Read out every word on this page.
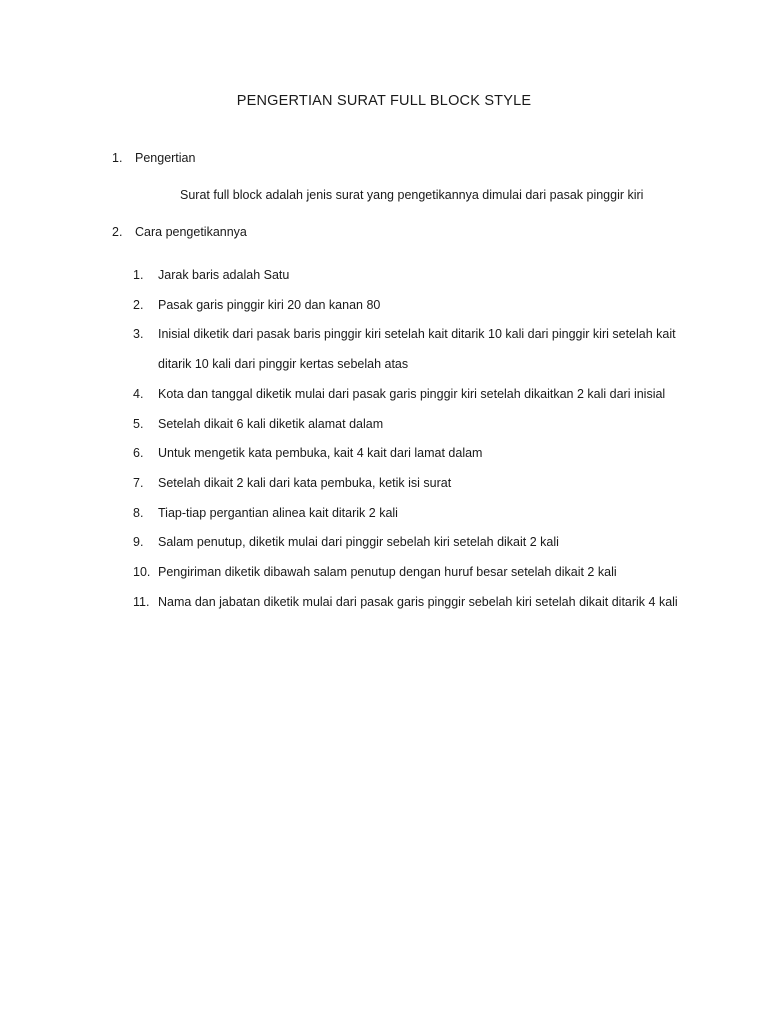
PENGERTIAN SURAT FULL BLOCK STYLE
1. Pengertian
Surat full block adalah jenis surat yang pengetikannya dimulai dari pasak pinggir kiri
2. Cara pengetikannya
1. Jarak baris adalah Satu
2. Pasak garis pinggir kiri 20 dan kanan 80
3. Inisial diketik dari pasak baris pinggir kiri setelah kait ditarik 10 kali dari pinggir kiri setelah kait ditarik 10 kali dari pinggir kertas sebelah atas
4. Kota dan tanggal diketik mulai dari pasak garis pinggir kiri setelah dikaitkan 2 kali dari inisial
5. Setelah dikait 6 kali diketik alamat dalam
6. Untuk mengetik kata pembuka, kait 4 kait dari lamat dalam
7. Setelah dikait 2 kali dari kata pembuka, ketik isi surat
8. Tiap-tiap pergantian alinea kait ditarik 2 kali
9. Salam penutup, diketik mulai dari pinggir sebelah kiri setelah dikait 2 kali
10. Pengiriman diketik dibawah salam penutup dengan huruf besar setelah dikait 2 kali
11. Nama dan jabatan diketik mulai dari pasak garis pinggir sebelah kiri setelah dikait ditarik 4 kali
